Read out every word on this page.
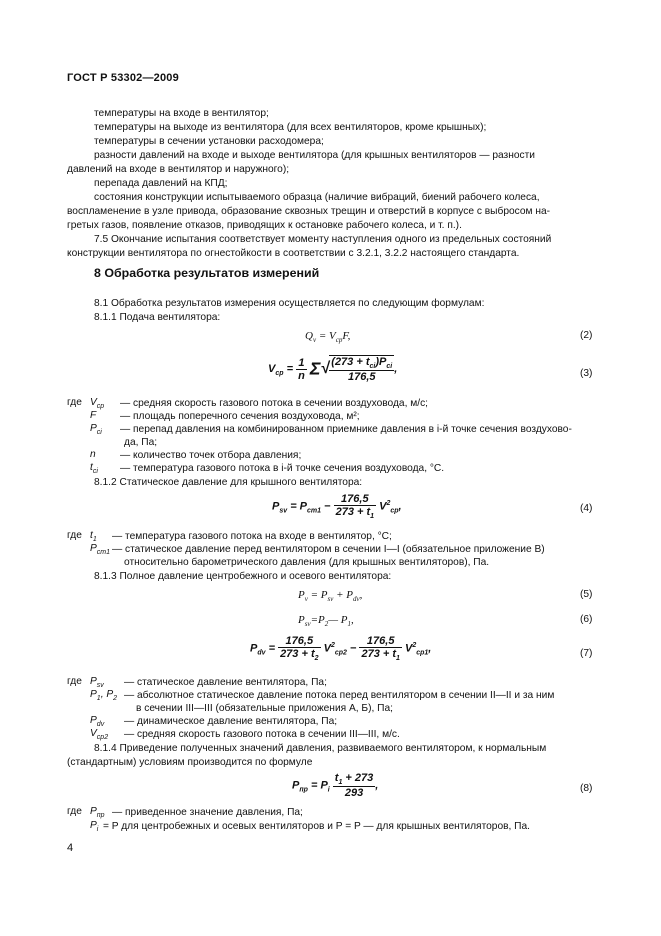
ГОСТ Р 53302—2009
температуры на входе в вентилятор;
температуры на выходе из вентилятора (для всех вентиляторов, кроме крышных);
температуры в сечении установки расходомера;
разности давлений на входе и выходе вентилятора (для крышных вентиляторов — разности
давлений на входе в вентилятор и наружного);
перепада давлений на КПД;
состояния конструкции испытываемого образца (наличие вибраций, биений рабочего колеса,
воспламенение в узле привода, образование сквозных трещин и отверстий в корпусе с выбросом на-
гретых газов, появление отказов, приводящих к остановке рабочего колеса, и т. п.).
7.5 Окончание испытания соответствует моменту наступления одного из предельных состояний
конструкции вентилятора по огнестойкости в соответствии с 3.2.1, 3.2.2 настоящего стандарта.
8 Обработка результатов измерений
8.1 Обработка результатов измерения осуществляется по следующим формулам:
8.1.1 Подача вентилятора:
$Q_v = V_{ср}F$,	(2)
$V_{ср} = \frac{1}{n} \Sigma√ \frac{(273 + t_{ci})P_{ci}}{176,5}$ ,	(3)
где $V_{ср}$ — средняя скорость газового потока в сечении воздуховода, м/с;
F — площадь поперечного сечения воздуховода, м²;
$P_{ci}$ — перепад давления на комбинированном приемнике давления в i-й точке сечения воздухово-
да, Па;
n — количество точек отбора давления;
$t_{ci}$ — температура газового потока в i-й точке сечения воздуховода, °С.
8.1.2 Статическое давление для крышного вентилятора:
$P_{sv} = P_{ст1} - \frac{176,5}{273 + t_1} V^2_{ср}$,	(4)
где $t_1$ — температура газового потока на входе в вентилятор, °С;
$P_{ст1}$ — статическое давление перед вентилятором в сечении I—I (обязательное приложение В)
относительно барометрического давления (для крышных вентиляторов), Па.
8.1.3 Полное давление центробежного и осевого вентилятора:
$P_v = P_{sv} + P_{dv}$,	(5)
$P_{sv}=P_2—$ $P_1$,	(6)
$P_{dv} = \frac{176,5}{273 + t_2} V^2_{ср2} - \frac{176,5}{273 + t_1} V^2_{ср1}$,	(7)
где $P_{sv}$ — статическое давление вентилятора, Па;
$P_1$, $P_2$ — абсолютное статическое давление потока перед вентилятором в сечении II—II и за ним
в сечении III—III (обязательные приложения А, Б), Па;
$P_{dv}$ — динамическое давление вентилятора, Па;
$V_{ср2}$ — средняя скорость газового потока в сечении III—III, м/с.
8.1.4 Приведение полученных значений давления, развиваемого вентилятором, к нормальным
(стандартным) условиям производится по формуле
$P_{пр} = P_i \frac{t_1 + 273}{293}$ ,	(8)
где $P_{пр}$ — приведенное значение давления, Па;
$P_i = P$ для центробежных и осевых вентиляторов и P = P — для крышных вентиляторов, Па.
4
